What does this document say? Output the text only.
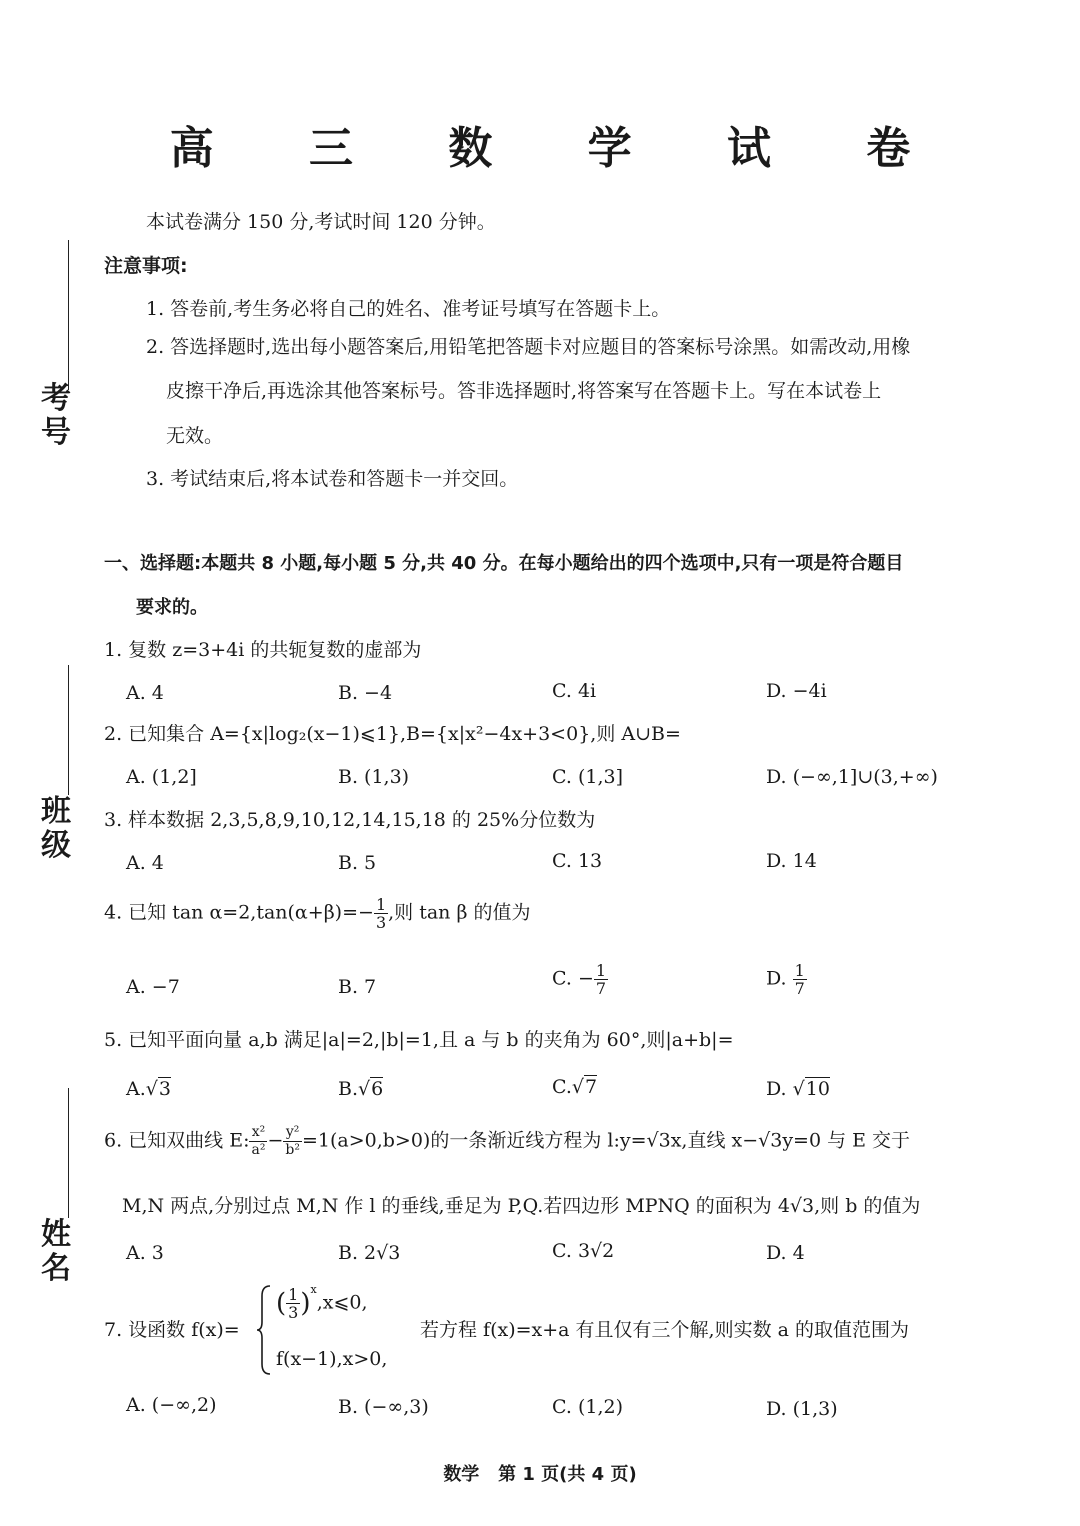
高 三 数 学 试 卷
本试卷满分 150 分,考试时间 120 分钟。
考号
班级
姓名
注意事项:
1. 答卷前,考生务必将自己的姓名、准考证号填写在答题卡上。
2. 答选择题时,选出每小题答案后,用铅笔把答题卡对应题目的答案标号涂黑。如需改动,用橡
皮擦干净后,再选涂其他答案标号。答非选择题时,将答案写在答题卡上。写在本试卷上
无效。
3. 考试结束后,将本试卷和答题卡一并交回。
一、选择题:本题共 8 小题,每小题 5 分,共 40 分。在每小题给出的四个选项中,只有一项是符合题目
要求的。
1. 复数 z=3+4i 的共轭复数的虚部为
A. 4	B. −4	C. 4i	D. −4i
2. 已知集合 A={x|log₂(x−1)⩽1},B={x|x²−4x+3<0},则 A∪B=
A. (1,2]	B. (1,3)	C. (1,3]	D. (−∞,1]∪(3,+∞)
3. 样本数据 2,3,5,8,9,10,12,14,15,18 的 25%分位数为
A. 4	B. 5	C. 13	D. 14
4. 已知 $\tan \alpha=2,\tan(\alpha+\beta)=- \frac{1}{3}$ ,则 tan β 的值为
A. −7	B. 7	C. − $\frac{1}{7}$	D. $\frac{1}{7}$
5. 已知平面向量 a,b 满足|a|=2,|b|=1,且 a 与 b 的夹角为 60°,则|a+b|=
A.√3	B.√6	C.√7	D. √10
6. 已知双曲线 E: $\frac{\text{x²}}{\text{a²}} - \frac{\text{y²}}{\text{b²}} =1(a>0,b>0)$的一条渐近线方程为 l:y=√3x,直线 x−√3y=0 与 E 交于
M,N 两点,分别过点 M,N 作 l 的垂线,垂足为 P,Q.若四边形 MPNQ 的面积为 4√3,则 b 的值为
A. 3	B. 2√3	C. 3√2	D. 4
7. 设函数 f(x)=
( $\frac{1}{3}$ )$^x$,x⩽0,
f(x−1),x>0,
若方程 f(x)=x+a 有且仅有三个解,则实数 a 的取值范围为
A. (−∞,2)	B. (−∞,3)	C. (1,2)	D. (1,3)
数学   第 1 页(共 4 页)
